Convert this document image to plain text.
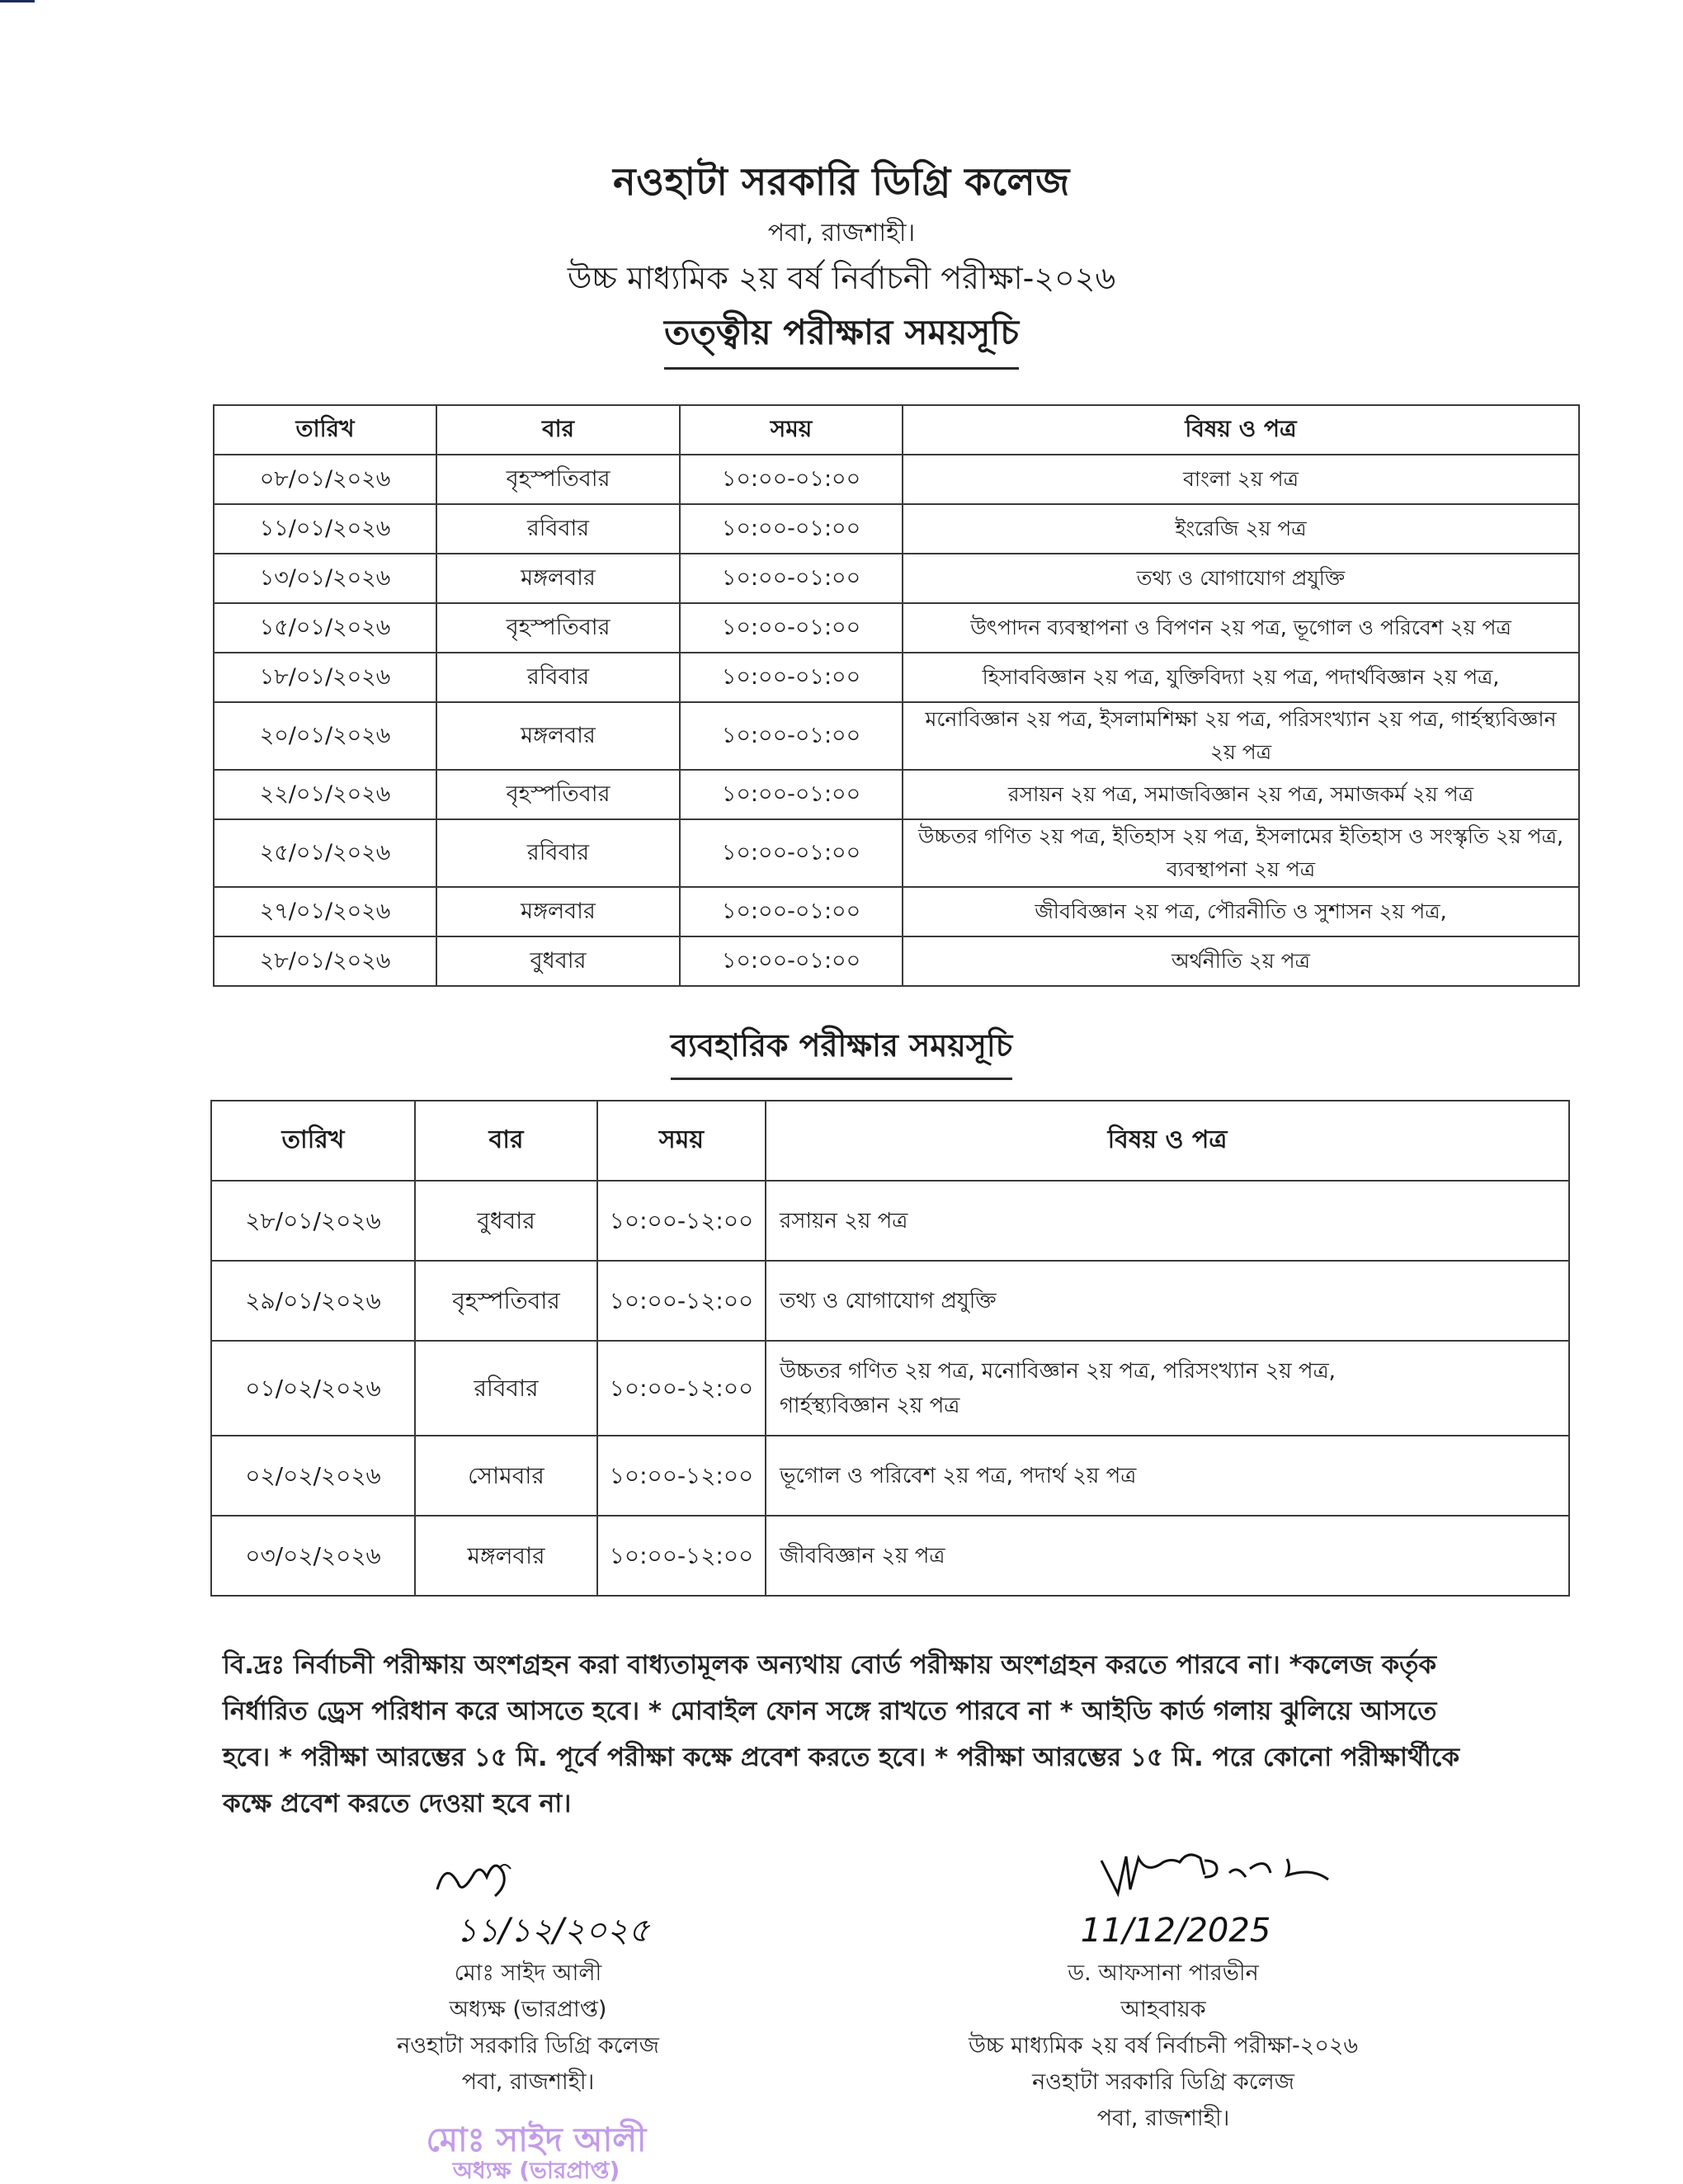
নওহাটা সরকারি ডিগ্রি কলেজ
পবা, রাজশাহী।
উচ্চ মাধ্যমিক ২য় বর্ষ নির্বাচনী পরীক্ষা-২০২৬
তত্ত্বীয় পরীক্ষার সময়সূচি
তারিখ	বার	সময়	বিষয় ও পত্র
০৮/০১/২০২৬	বৃহস্পতিবার	১০:০০-০১:০০	বাংলা ২য় পত্র
১১/০১/২০২৬	রবিবার	১০:০০-০১:০০	ইংরেজি ২য় পত্র
১৩/০১/২০২৬	মঙ্গলবার	১০:০০-০১:০০	তথ্য ও যোগাযোগ প্রযুক্তি
১৫/০১/২০২৬	বৃহস্পতিবার	১০:০০-০১:০০	উৎপাদন ব্যবস্থাপনা ও বিপণন ২য় পত্র, ভূগোল ও পরিবেশ ২য় পত্র
১৮/০১/২০২৬	রবিবার	১০:০০-০১:০০	হিসাববিজ্ঞান ২য় পত্র, যুক্তিবিদ্যা ২য় পত্র, পদার্থবিজ্ঞান ২য় পত্র,
২০/০১/২০২৬	মঙ্গলবার	১০:০০-০১:০০	মনোবিজ্ঞান ২য় পত্র, ইসলামশিক্ষা ২য় পত্র, পরিসংখ্যান ২য় পত্র, গার্হস্থ্যবিজ্ঞান ২য় পত্র
২২/০১/২০২৬	বৃহস্পতিবার	১০:০০-০১:০০	রসায়ন ২য় পত্র, সমাজবিজ্ঞান ২য় পত্র, সমাজকর্ম ২য় পত্র
২৫/০১/২০২৬	রবিবার	১০:০০-০১:০০	উচ্চতর গণিত ২য় পত্র, ইতিহাস ২য় পত্র, ইসলামের ইতিহাস ও সংস্কৃতি ২য় পত্র, ব্যবস্থাপনা ২য় পত্র
২৭/০১/২০২৬	মঙ্গলবার	১০:০০-০১:০০	জীববিজ্ঞান ২য় পত্র, পৌরনীতি ও সুশাসন ২য় পত্র,
২৮/০১/২০২৬	বুধবার	১০:০০-০১:০০	অর্থনীতি ২য় পত্র
ব্যবহারিক পরীক্ষার সময়সূচি
তারিখ	বার	সময়	বিষয় ও পত্র
২৮/০১/২০২৬	বুধবার	১০:০০-১২:০০	রসায়ন ২য় পত্র
২৯/০১/২০২৬	বৃহস্পতিবার	১০:০০-১২:০০	তথ্য ও যোগাযোগ প্রযুক্তি
০১/০২/২০২৬	রবিবার	১০:০০-১২:০০	উচ্চতর গণিত ২য় পত্র, মনোবিজ্ঞান ২য় পত্র, পরিসংখ্যান ২য় পত্র, গার্হস্থ্যবিজ্ঞান ২য় পত্র
০২/০২/২০২৬	সোমবার	১০:০০-১২:০০	ভূগোল ও পরিবেশ ২য় পত্র, পদার্থ ২য় পত্র
০৩/০২/২০২৬	মঙ্গলবার	১০:০০-১২:০০	জীববিজ্ঞান ২য় পত্র
বি.দ্রঃ নির্বাচনী পরীক্ষায় অংশগ্রহন করা বাধ্যতামূলক অন্যথায় বোর্ড পরীক্ষায় অংশগ্রহন করতে পারবে না। *কলেজ কর্তৃক নির্ধারিত ড্রেস পরিধান করে আসতে হবে। * মোবাইল ফোন সঙ্গে রাখতে পারবে না * আইডি কার্ড গলায় ঝুলিয়ে আসতে হবে। * পরীক্ষা আরম্ভের ১৫ মি. পূর্বে পরীক্ষা কক্ষে প্রবেশ করতে হবে। * পরীক্ষা আরম্ভের ১৫ মি. পরে কোনো পরীক্ষার্থীকে কক্ষে প্রবেশ করতে দেওয়া হবে না।
১১/১২/২০২৫
মোঃ সাইদ আলী
অধ্যক্ষ (ভারপ্রাপ্ত)
নওহাটা সরকারি ডিগ্রি কলেজ
পবা, রাজশাহী।
মোঃ সাইদ আলী
অধ্যক্ষ (ভারপ্রাপ্ত)
11/12/2025
ড. আফসানা পারভীন
আহবায়ক
উচ্চ মাধ্যমিক ২য় বর্ষ নির্বাচনী পরীক্ষা-২০২৬
নওহাটা সরকারি ডিগ্রি কলেজ
পবা, রাজশাহী।
